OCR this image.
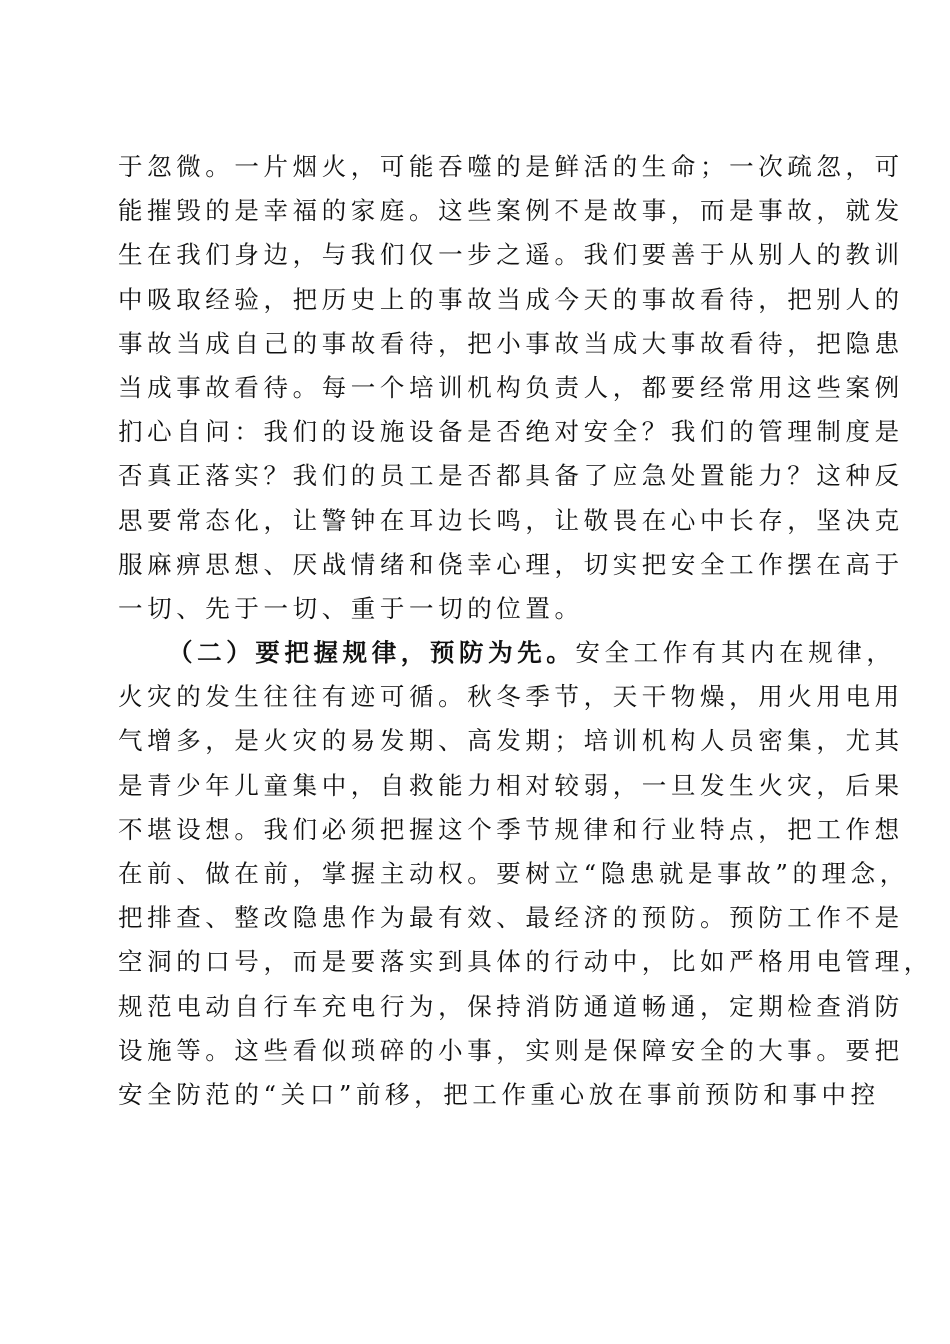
于忽微。一片烟火，可能吞噬的是鲜活的生命；一次疏忽，可
能摧毁的是幸福的家庭。这些案例不是故事，而是事故，就发
生在我们身边，与我们仅一步之遥。我们要善于从别人的教训
中吸取经验，把历史上的事故当成今天的事故看待，把别人的
事故当成自己的事故看待，把小事故当成大事故看待，把隐患
当成事故看待。每一个培训机构负责人，都要经常用这些案例
扪心自问：我们的设施设备是否绝对安全？我们的管理制度是
否真正落实？我们的员工是否都具备了应急处置能力？这种反
思要常态化，让警钟在耳边长鸣，让敬畏在心中长存，坚决克
服麻痹思想、厌战情绪和侥幸心理，切实把安全工作摆在高于
一切、先于一切、重于一切的位置。
（二）要把握规律，预防为先。安全工作有其内在规律，
火灾的发生往往有迹可循。秋冬季节，天干物燥，用火用电用
气增多，是火灾的易发期、高发期；培训机构人员密集，尤其
是青少年儿童集中，自救能力相对较弱，一旦发生火灾，后果
不堪设想。我们必须把握这个季节规律和行业特点，把工作想
在前、做在前，掌握主动权。要树立“隐患就是事故”的理念，
把排查、整改隐患作为最有效、最经济的预防。预防工作不是
空洞的口号，而是要落实到具体的行动中，比如严格用电管理，
规范电动自行车充电行为，保持消防通道畅通，定期检查消防
设施等。这些看似琐碎的小事，实则是保障安全的大事。要把
安全防范的“关口”前移，把工作重心放在事前预防和事中控
